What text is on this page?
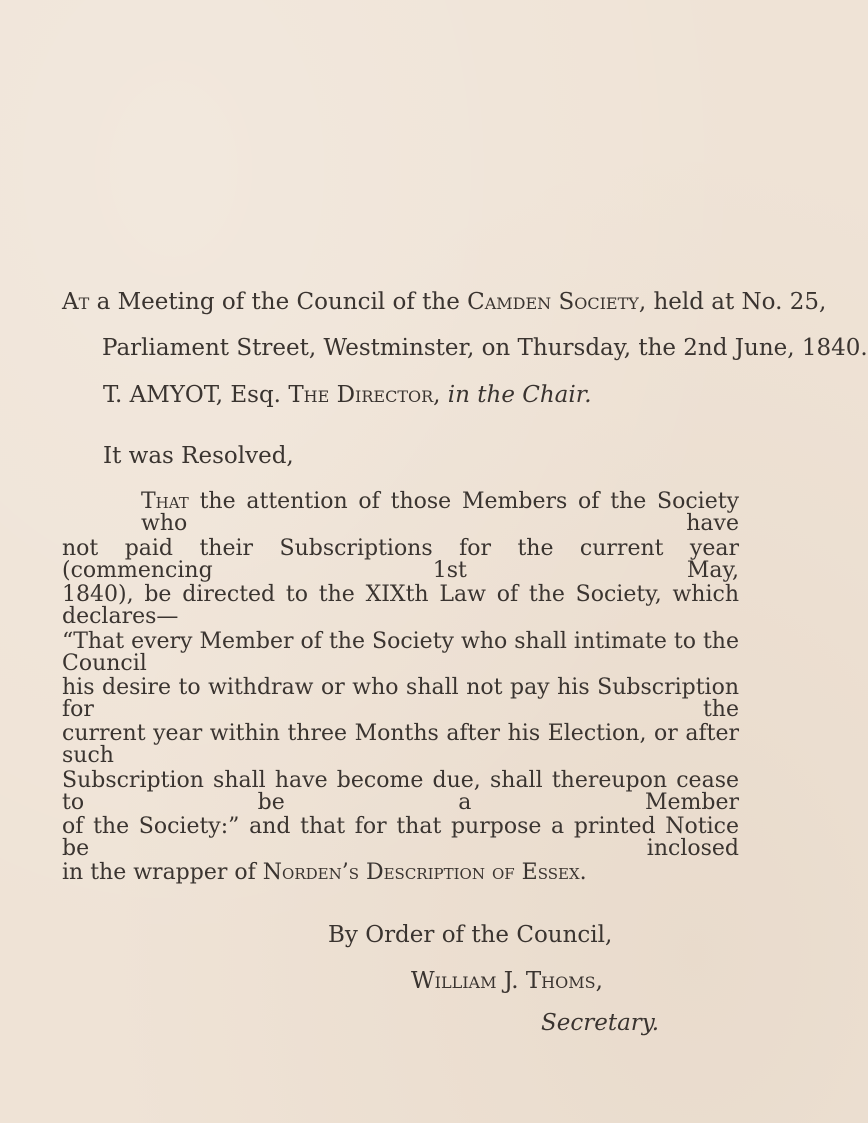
At a Meeting of the Council of the Camden Society, held at No. 25,
Parliament Street, Westminster, on Thursday, the 2nd June, 1840.
T. AMYOT, Esq. The Director, in the Chair.
It was Resolved,
That the attention of those Members of the Society who have
not paid their Subscriptions for the current year (commencing 1st May,
1840), be directed to the XIXth Law of the Society, which declares—
“That every Member of the Society who shall intimate to the Council
his desire to withdraw or who shall not pay his Subscription for the
current year within three Months after his Election, or after such
Subscription shall have become due, shall thereupon cease to be a Member
of the Society:” and that for that purpose a printed Notice be inclosed
in the wrapper of Norden’s Description of Essex.
By Order of the Council,
William J. Thoms,
Secretary.
